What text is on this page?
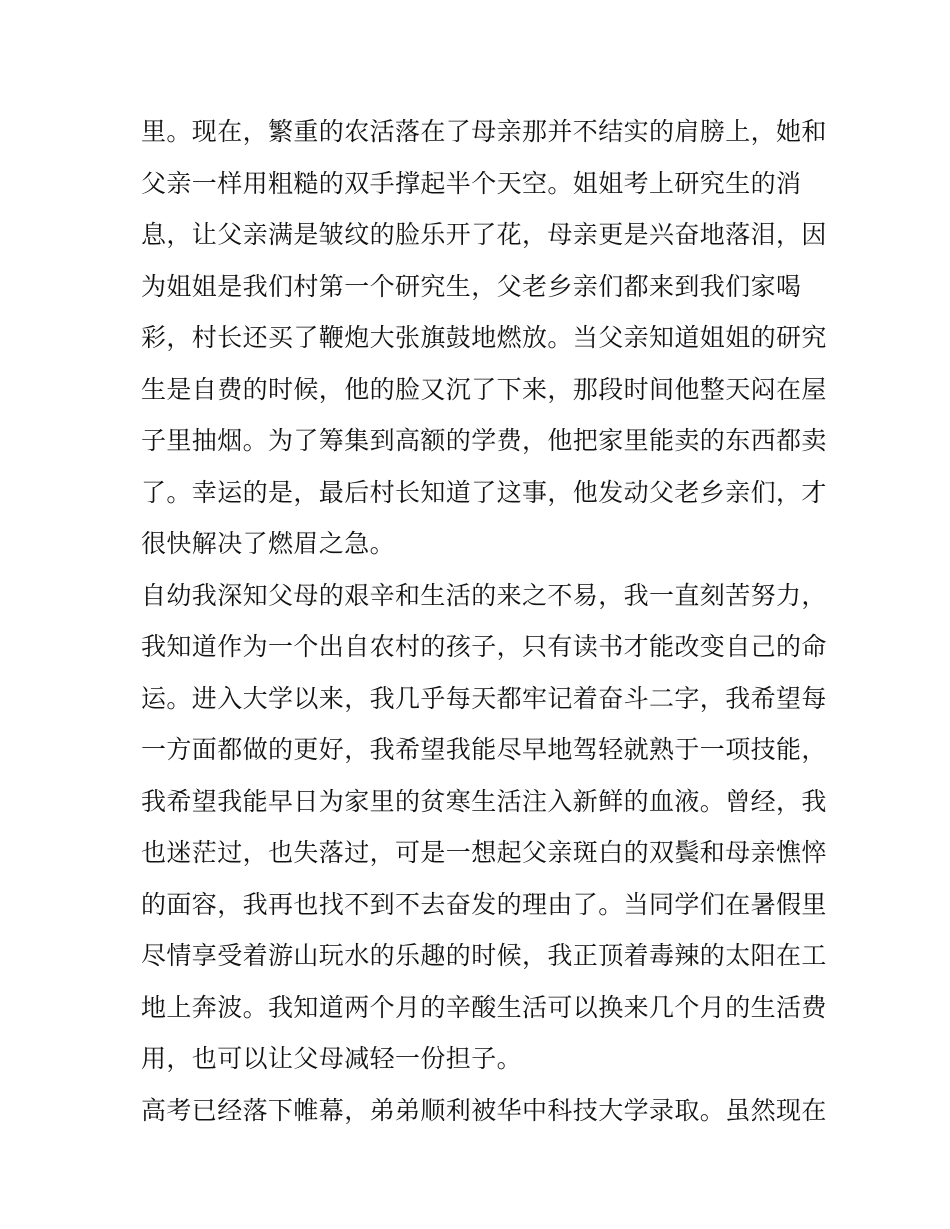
里。现在，繁重的农活落在了母亲那并不结实的肩膀上，她和
父亲一样用粗糙的双手撑起半个天空。姐姐考上研究生的消
息，让父亲满是皱纹的脸乐开了花，母亲更是兴奋地落泪，因
为姐姐是我们村第一个研究生，父老乡亲们都来到我们家喝
彩，村长还买了鞭炮大张旗鼓地燃放。当父亲知道姐姐的研究
生是自费的时候，他的脸又沉了下来，那段时间他整天闷在屋
子里抽烟。为了筹集到高额的学费，他把家里能卖的东西都卖
了。幸运的是，最后村长知道了这事，他发动父老乡亲们，才
很快解决了燃眉之急。
自幼我深知父母的艰辛和生活的来之不易，我一直刻苦努力，
我知道作为一个出自农村的孩子，只有读书才能改变自己的命
运。进入大学以来，我几乎每天都牢记着奋斗二字，我希望每
一方面都做的更好，我希望我能尽早地驾轻就熟于一项技能，
我希望我能早日为家里的贫寒生活注入新鲜的血液。曾经，我
也迷茫过，也失落过，可是一想起父亲斑白的双鬓和母亲憔悴
的面容，我再也找不到不去奋发的理由了。当同学们在暑假里
尽情享受着游山玩水的乐趣的时候，我正顶着毒辣的太阳在工
地上奔波。我知道两个月的辛酸生活可以换来几个月的生活费
用，也可以让父母减轻一份担子。
高考已经落下帷幕，弟弟顺利被华中科技大学录取。虽然现在
